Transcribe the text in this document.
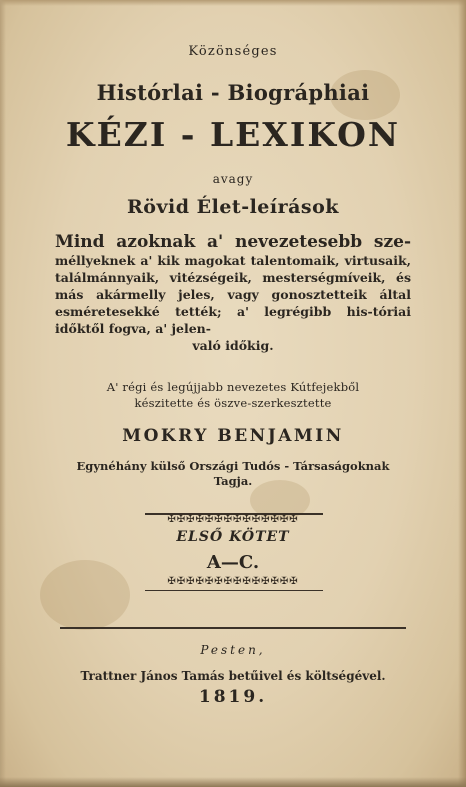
Közönséges
Histórlai - Biográphiai
KÉZI - LEXIKON
avagy
Rövid Élet-leírások
Mind azoknak a' nevezetesebb sze- méllyeknek a' kik magokat talentomaik, virtusaik, találmánnyaik, vitézségeik, mesterségmíveik, és más akármelly jeles, vagy gonosztetteik által esméretesekké tették; a' legrégibb his-tóriai időktől fogva, a' jelen-
való időkig.
A' régi és legújjabb nevezetes Kútfejekből
készitette és öszve-szerkesztette
MOKRY BENJAMIN
Egynéhány külső Országi Tudós - Társaságoknak
Tagja.
✠✠✠✠✠✠✠✠✠✠✠✠✠✠
ELSŐ KÖTET
A—C.
✠✠✠✠✠✠✠✠✠✠✠✠✠✠
Pesten,
Trattner János Tamás betűivel és költségével.
1819.
